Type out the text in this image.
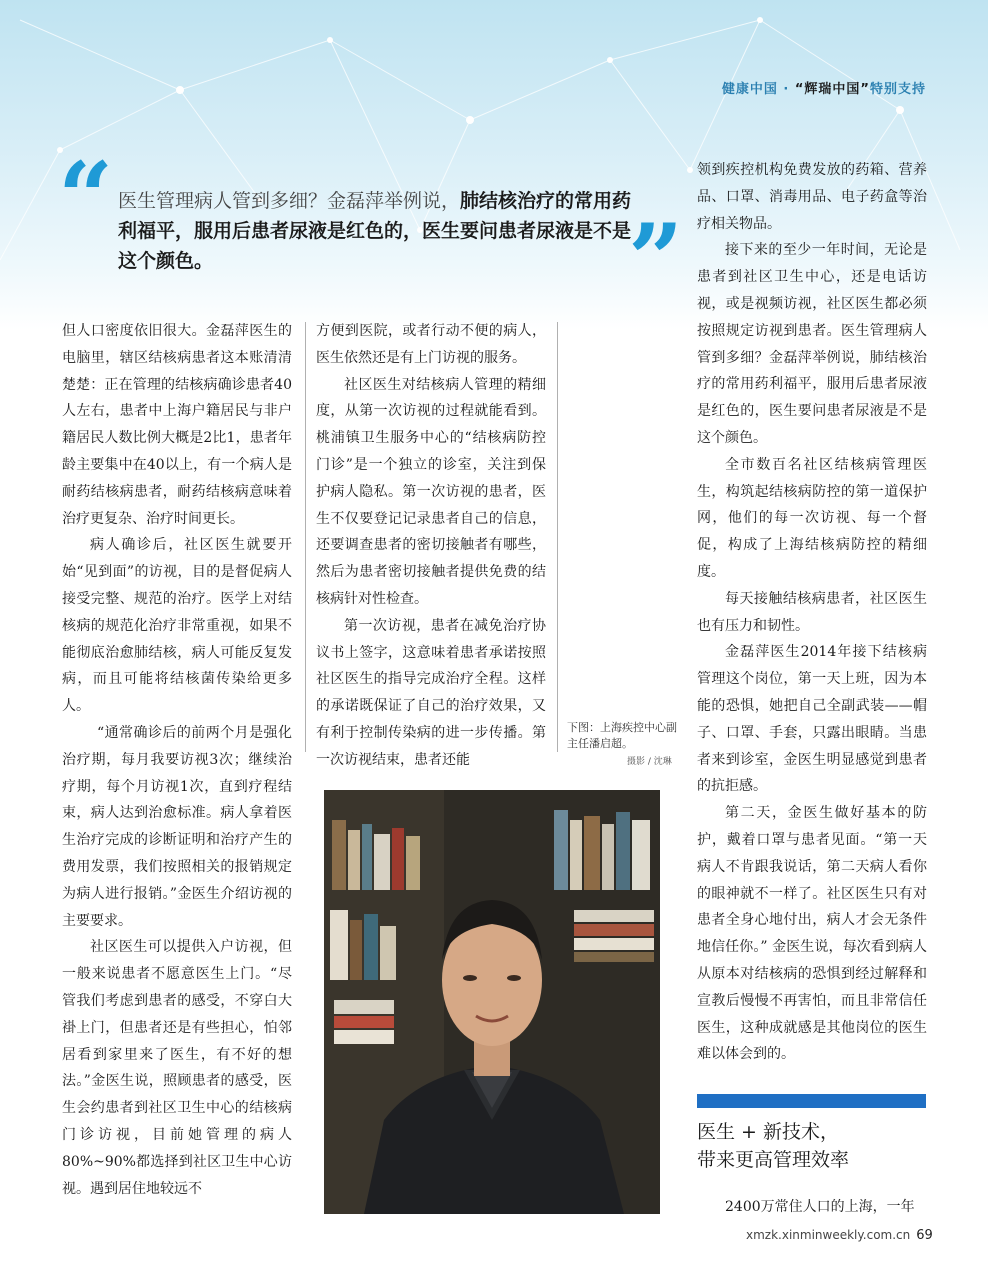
健康中国 · “辉瑞中国”特别支持
“
”
医生管理病人管到多细？金磊萍举例说，肺结核治疗的常用药利福平，服用后患者尿液是红色的，医生要问患者尿液是不是这个颜色。

但人口密度依旧很大。金磊萍医生的电脑里，辖区结核病患者这本账清清楚楚：正在管理的结核病确诊患者40人左右，患者中上海户籍居民与非户籍居民人数比例大概是2比1，患者年龄主要集中在40以上，有一个病人是耐药结核病患者，耐药结核病意味着治疗更复杂、治疗时间更长。

病人确诊后，社区医生就要开始“见到面”的访视，目的是督促病人接受完整、规范的治疗。医学上对结核病的规范化治疗非常重视，如果不能彻底治愈肺结核，病人可能反复发病，而且可能将结核菌传染给更多人。

“通常确诊后的前两个月是强化治疗期，每月我要访视3次；继续治疗期，每个月访视1次，直到疗程结束，病人达到治愈标准。病人拿着医生治疗完成的诊断证明和治疗产生的费用发票，我们按照相关的报销规定为病人进行报销。”金医生介绍访视的主要要求。

社区医生可以提供入户访视，但一般来说患者不愿意医生上门。“尽管我们考虑到患者的感受，不穿白大褂上门，但患者还是有些担心，怕邻居看到家里来了医生，有不好的想法。”金医生说，照顾患者的感受，医生会约患者到社区卫生中心的结核病门诊访视，目前她管理的病人80%~90%都选择到社区卫生中心访视。遇到居住地较远不

方便到医院，或者行动不便的病人，医生依然还是有上门访视的服务。

社区医生对结核病人管理的精细度，从第一次访视的过程就能看到。桃浦镇卫生服务中心的“结核病防控门诊”是一个独立的诊室，关注到保护病人隐私。第一次访视的患者，医生不仅要登记记录患者自己的信息，还要调查患者的密切接触者有哪些，然后为患者密切接触者提供免费的结核病针对性检查。

第一次访视，患者在减免治疗协议书上签字，这意味着患者承诺按照社区医生的指导完成治疗全程。这样的承诺既保证了自己的治疗效果，又有利于控制传染病的进一步传播。第一次访视结束，患者还能

下图：上海疾控中心副主任潘启超。
摄影 / 沈琳

领到疾控机构免费发放的药箱、营养品、口罩、消毒用品、电子药盒等治疗相关物品。

接下来的至少一年时间，无论是患者到社区卫生中心，还是电话访视，或是视频访视，社区医生都必须按照规定访视到患者。医生管理病人管到多细？金磊萍举例说，肺结核治疗的常用药利福平，服用后患者尿液是红色的，医生要问患者尿液是不是这个颜色。

全市数百名社区结核病管理医生，构筑起结核病防控的第一道保护网，他们的每一次访视、每一个督促，构成了上海结核病防控的精细度。

每天接触结核病患者，社区医生也有压力和韧性。

金磊萍医生2014年接下结核病管理这个岗位，第一天上班，因为本能的恐惧，她把自己全副武装——帽子、口罩、手套，只露出眼睛。当患者来到诊室，金医生明显感觉到患者的抗拒感。

第二天，金医生做好基本的防护，戴着口罩与患者见面。“第一天病人不肯跟我说话，第二天病人看你的眼神就不一样了。社区医生只有对患者全身心地付出，病人才会无条件地信任你。” 金医生说，每次看到病人从原本对结核病的恐惧到经过解释和宣教后慢慢不再害怕，而且非常信任医生，这种成就感是其他岗位的医生难以体会到的。

医生 + 新技术，
带来更高管理效率
2400万常住人口的上海，一年
xmzk.xinminweekly.com.cn 69
